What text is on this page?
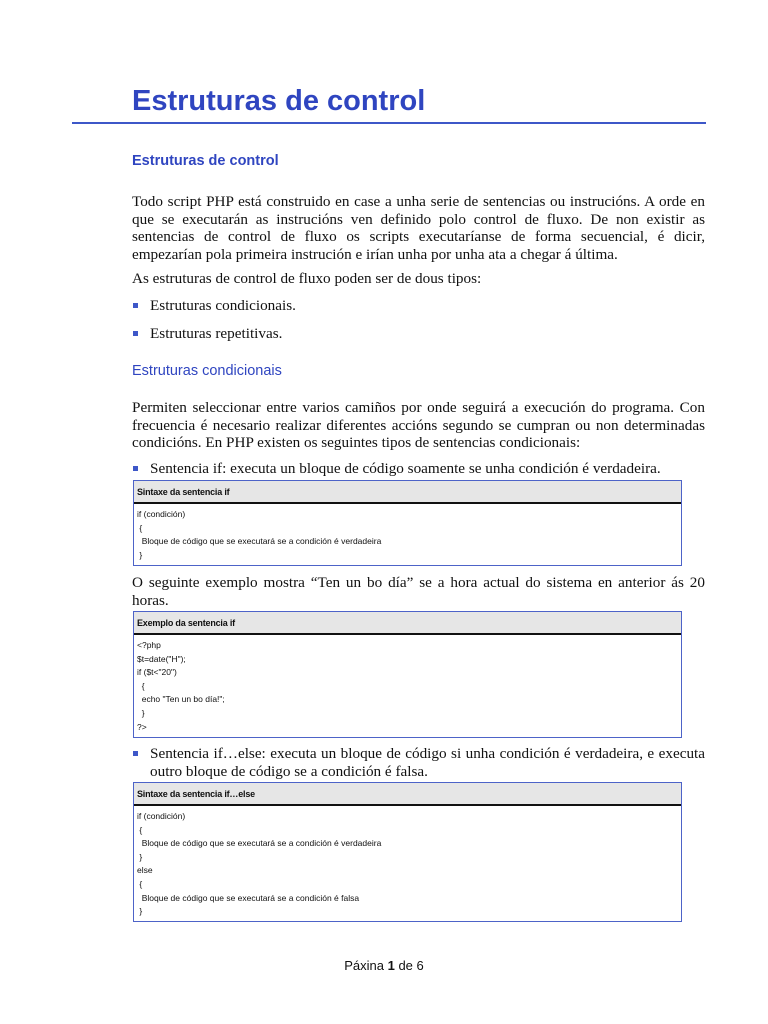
Estruturas de control
Estruturas de control

Todo script PHP está construido en case a unha serie de sentencias ou instrucións. A orde en que se executarán as instrucións ven definido polo control de fluxo. De non existir as sentencias de control de fluxo os scripts executaríanse de forma secuencial, é dicir, empezarían pola primeira instrución e irían unha por unha ata a chegar á última.

As estruturas de control de fluxo poden ser de dous tipos:

Estruturas condicionais.

Estruturas repetitivas.

Estruturas condicionais

Permiten seleccionar entre varios camiños por onde seguirá a execución do programa. Con frecuencia é necesario realizar diferentes accións segundo se cumpran ou non determinadas condicións. En PHP existen os seguintes tipos de sentencias condicionais:

Sentencia if: executa un bloque de código soamente se unha condición é verdadeira.

Sintaxe da sentencia if
if (condición)
{
Bloque de código que se executará se a condición é verdadeira
}

O seguinte exemplo mostra “Ten un bo día” se a hora actual do sistema en anterior ás 20 horas.

Exemplo da sentencia if
<?php
$t=date("H");
if ($t<"20")
{
echo "Ten un bo día!";
}
?>

Sentencia if…else: executa un bloque de código si unha condición é verdadeira, e executa outro bloque de código se a condición é falsa.

Sintaxe da sentencia if…else
if (condición)
{
Bloque de código que se executará se a condición é verdadeira
}
else
{
Bloque de código que se executará se a condición é falsa
}
Páxina 1 de 6
